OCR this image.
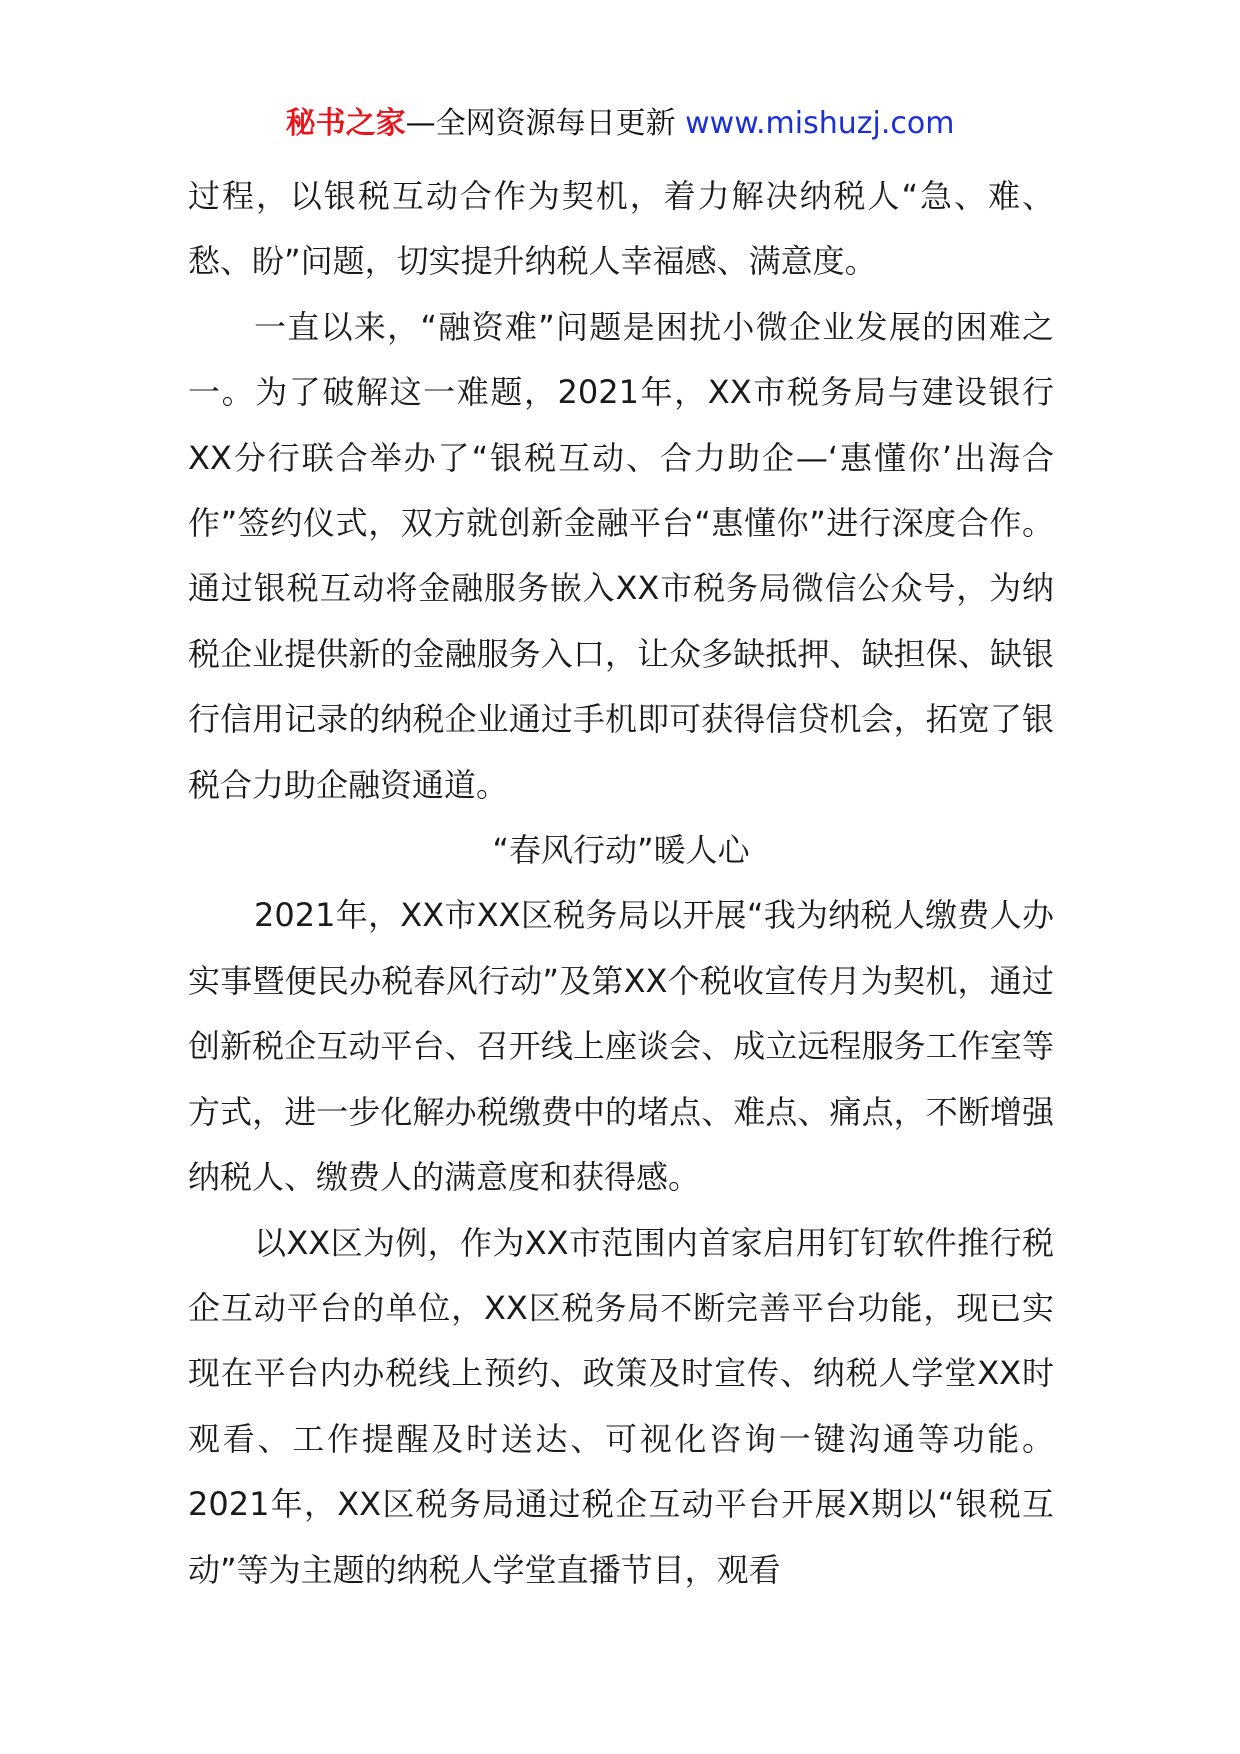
秘书之家—全网资源每日更新 www.mishuzj.com

过程，以银税互动合作为契机，着力解决纳税人“急、难、愁、盼”问题，切实提升纳税人幸福感、满意度。

一直以来，“融资难”问题是困扰小微企业发展的困难之一。为了破解这一难题，2021年，XX市税务局与建设银行XX分行联合举办了“银税互动、合力助企—‘惠懂你’出海合作”签约仪式，双方就创新金融平台“惠懂你”进行深度合作。通过银税互动将金融服务嵌入XX市税务局微信公众号，为纳税企业提供新的金融服务入口，让众多缺抵押、缺担保、缺银行信用记录的纳税企业通过手机即可获得信贷机会，拓宽了银税合力助企融资通道。

“春风行动”暖人心

2021年，XX市XX区税务局以开展“我为纳税人缴费人办实事暨便民办税春风行动”及第XX个税收宣传月为契机，通过创新税企互动平台、召开线上座谈会、成立远程服务工作室等方式，进一步化解办税缴费中的堵点、难点、痛点，不断增强纳税人、缴费人的满意度和获得感。

以XX区为例，作为XX市范围内首家启用钉钉软件推行税企互动平台的单位，XX区税务局不断完善平台功能，现已实现在平台内办税线上预约、政策及时宣传、纳税人学堂XX时观看、工作提醒及时送达、可视化咨询一键沟通等功能。2021年，XX区税务局通过税企互动平台开展X期以“银税互动”等为主题的纳税人学堂直播节目，观看
